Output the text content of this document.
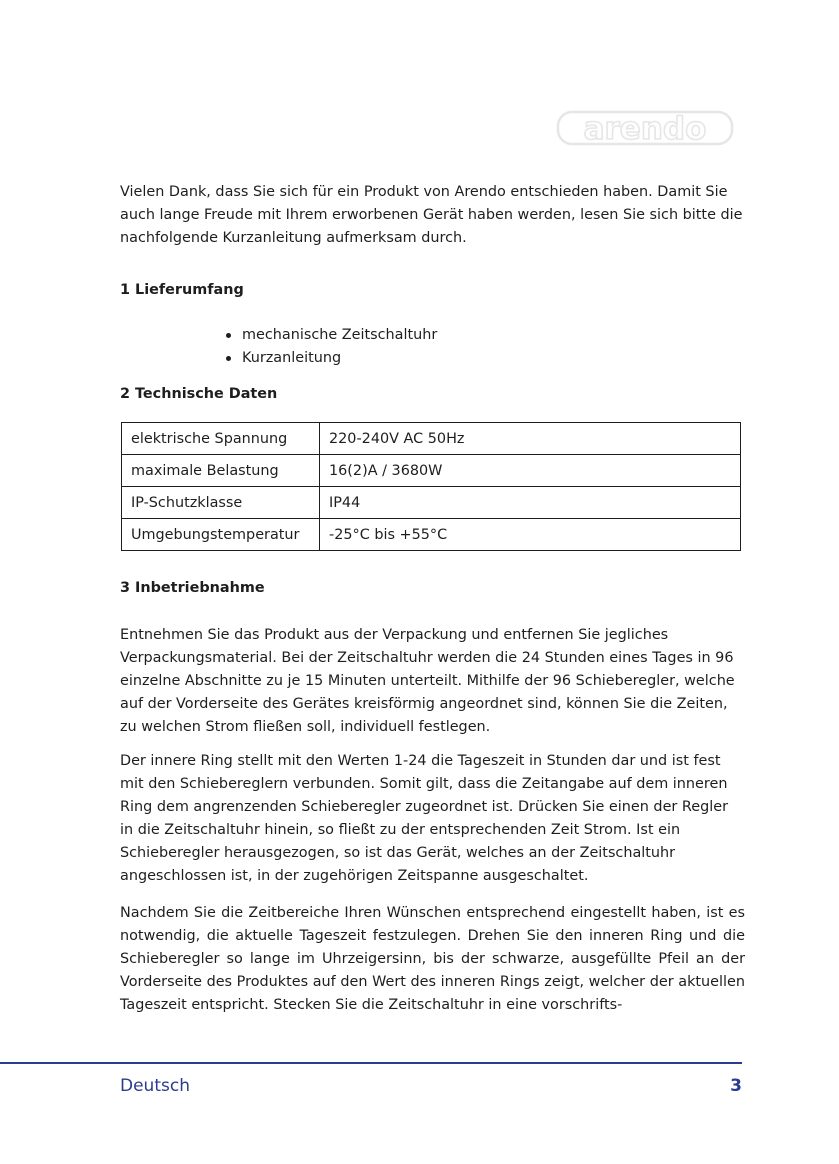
arendo

Vielen Dank, dass Sie sich für ein Produkt von Arendo entschieden haben. Damit Sie auch lange Freude mit Ihrem erworbenen Gerät haben werden, lesen Sie sich bitte die nachfolgende Kurzanleitung aufmerksam durch.

1 Lieferumfang
mechanische Zeitschaltuhr
Kurzanleitung
2 Technische Daten
elektrische Spannung	220-240V AC 50Hz
maximale Belastung	16(2)A / 3680W
IP-Schutzklasse	IP44
Umgebungstemperatur	-25°C bis +55°C
3 Inbetriebnahme

Entnehmen Sie das Produkt aus der Verpackung und entfernen Sie jegliches Verpackungsmaterial. Bei der Zeitschaltuhr werden die 24 Stunden eines Tages in 96 einzelne Abschnitte zu je 15 Minuten unterteilt. Mithilfe der 96 Schieberegler, welche auf der Vorderseite des Gerätes kreisförmig angeordnet sind, können Sie die Zeiten, zu welchen Strom fließen soll, individuell festlegen.

Der innere Ring stellt mit den Werten 1-24 die Tageszeit in Stunden dar und ist fest mit den Schiebereglern verbunden. Somit gilt, dass die Zeitangabe auf dem inneren Ring dem angrenzenden Schieberegler zugeordnet ist. Drücken Sie einen der Regler in die Zeitschaltuhr hinein, so fließt zu der entsprechenden Zeit Strom. Ist ein Schieberegler herausgezogen, so ist das Gerät, welches an der Zeitschaltuhr angeschlossen ist, in der zugehörigen Zeitspanne ausgeschaltet.

Nachdem Sie die Zeitbereiche Ihren Wünschen entsprechend eingestellt haben, ist es notwendig, die aktuelle Tageszeit festzulegen. Drehen Sie den inneren Ring und die Schieberegler so lange im Uhrzeigersinn, bis der schwarze, ausgefüllte Pfeil an der Vorderseite des Produktes auf den Wert des inneren Rings zeigt, welcher der aktuellen Tageszeit entspricht. Stecken Sie die Zeitschaltuhr in eine vorschrifts-

Deutsch	3
